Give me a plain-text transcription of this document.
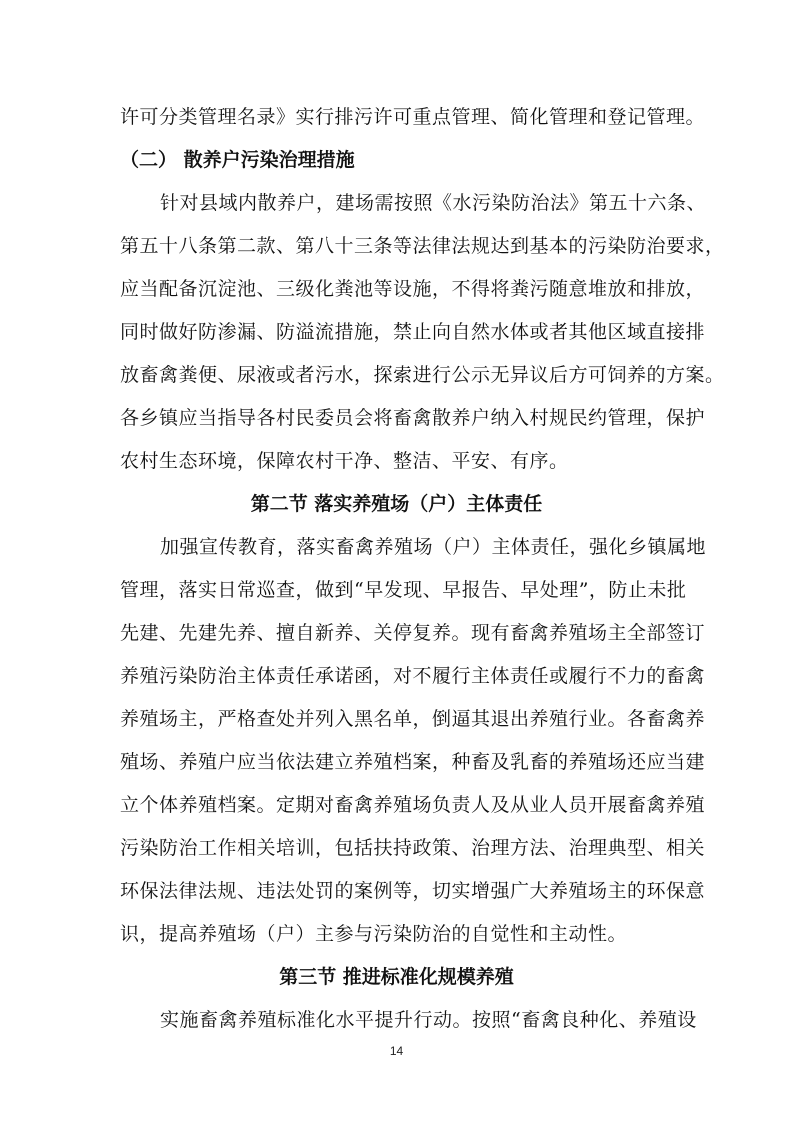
许可分类管理名录》实行排污许可重点管理、简化管理和登记管理。
（二） 散养户污染治理措施
针对县域内散养户，建场需按照《水污染防治法》第五十六条、
第五十八条第二款、第八十三条等法律法规达到基本的污染防治要求，
应当配备沉淀池、三级化粪池等设施，不得将粪污随意堆放和排放，
同时做好防渗漏、防溢流措施，禁止向自然水体或者其他区域直接排
放畜禽粪便、尿液或者污水，探索进行公示无异议后方可饲养的方案。
各乡镇应当指导各村民委员会将畜禽散养户纳入村规民约管理，保护
农村生态环境，保障农村干净、整洁、平安、有序。
第二节 落实养殖场（户）主体责任
加强宣传教育，落实畜禽养殖场（户）主体责任，强化乡镇属地
管理，落实日常巡查，做到“早发现、早报告、早处理”，防止未批
先建、先建先养、擅自新养、关停复养。现有畜禽养殖场主全部签订
养殖污染防治主体责任承诺函，对不履行主体责任或履行不力的畜禽
养殖场主，严格查处并列入黑名单，倒逼其退出养殖行业。各畜禽养
殖场、养殖户应当依法建立养殖档案，种畜及乳畜的养殖场还应当建
立个体养殖档案。定期对畜禽养殖场负责人及从业人员开展畜禽养殖
污染防治工作相关培训，包括扶持政策、治理方法、治理典型、相关
环保法律法规、违法处罚的案例等，切实增强广大养殖场主的环保意
识，提高养殖场（户）主参与污染防治的自觉性和主动性。
第三节 推进标准化规模养殖
实施畜禽养殖标准化水平提升行动。按照“畜禽良种化、养殖设
14
